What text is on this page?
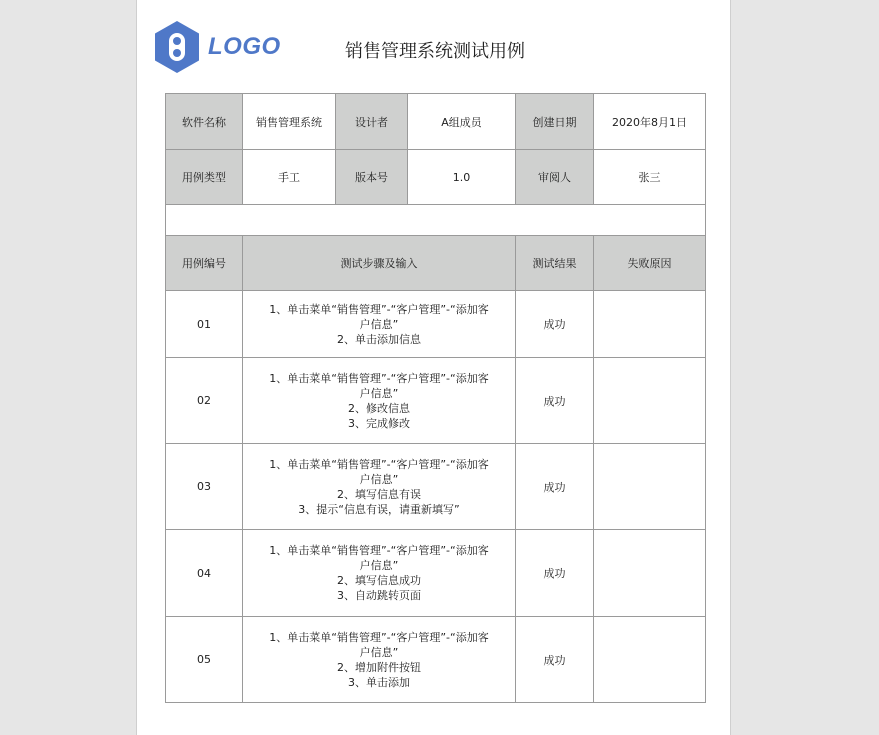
LOGO	销售管理系统测试用例
软件名称	销售管理系统	设计者	A组成员	创建日期	2020年8月1日
用例类型	手工	版本号	1.0	审阅人	张三

用例编号	测试步骤及输入			测试结果	失败原因
01	1、单击菜单“销售管理”-“客户管理”-“添加客
户信息”
2、单击添加信息			成功	
02	1、单击菜单“销售管理”-“客户管理”-“添加客
户信息”
2、修改信息
3、完成修改			成功	
03	1、单击菜单“销售管理”-“客户管理”-“添加客
户信息”
2、填写信息有误
3、提示“信息有误，请重新填写”			成功	
04	1、单击菜单“销售管理”-“客户管理”-“添加客
户信息”
2、填写信息成功
3、自动跳转页面			成功	
05	1、单击菜单“销售管理”-“客户管理”-“添加客
户信息”
2、增加附件按钮
3、单击添加			成功	
